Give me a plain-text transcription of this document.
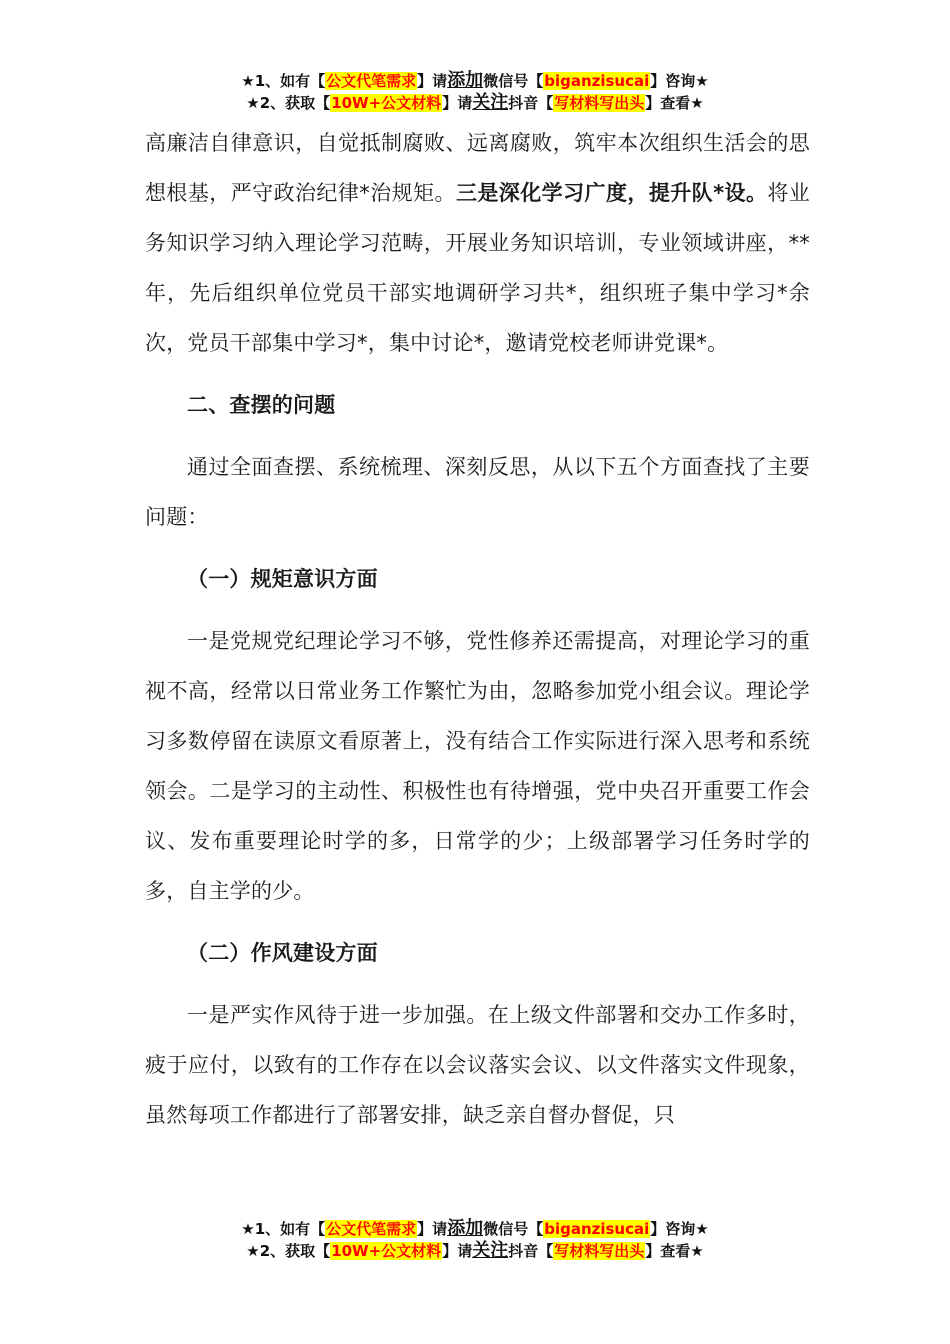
★1、如有【公文代笔需求】请添加微信号【biganzisucai】咨询★
★2、获取【10W+公文材料】请关注抖音【写材料写出头】查看★

高廉洁自律意识，自觉抵制腐败、远离腐败，筑牢本次组织生活会的思想根基，严守政治纪律*治规矩。三是深化学习广度，提升队*设。将业务知识学习纳入理论学习范畴，开展业务知识培训，专业领域讲座，**年，先后组织单位党员干部实地调研学习共*，组织班子集中学习*余次，党员干部集中学习*，集中讨论*，邀请党校老师讲党课*。

二、查摆的问题

通过全面查摆、系统梳理、深刻反思，从以下五个方面查找了主要问题：

（一）规矩意识方面

一是党规党纪理论学习不够，党性修养还需提高，对理论学习的重视不高，经常以日常业务工作繁忙为由，忽略参加党小组会议。理论学习多数停留在读原文看原著上，没有结合工作实际进行深入思考和系统领会。二是学习的主动性、积极性也有待增强，党中央召开重要工作会议、发布重要理论时学的多，日常学的少；上级部署学习任务时学的多，自主学的少。

（二）作风建设方面

一是严实作风待于进一步加强。在上级文件部署和交办工作多时，疲于应付，以致有的工作存在以会议落实会议、以文件落实文件现象，虽然每项工作都进行了部署安排，缺乏亲自督办督促，只

★1、如有【公文代笔需求】请添加微信号【biganzisucai】咨询★
★2、获取【10W+公文材料】请关注抖音【写材料写出头】查看★
